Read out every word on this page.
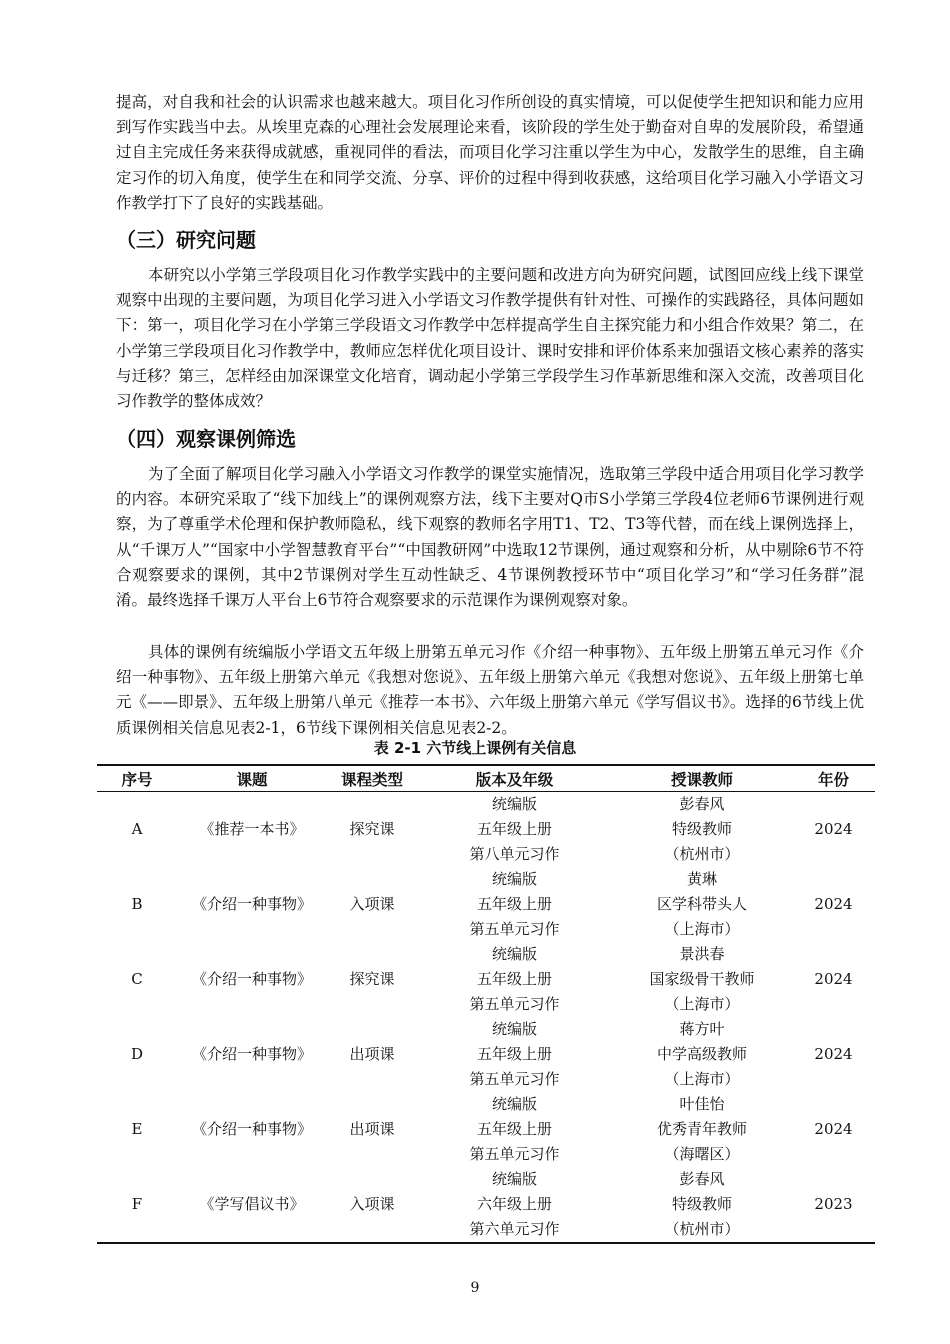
提高，对自我和社会的认识需求也越来越大。项目化习作所创设的真实情境，可以促使学生把知识和能力应用到写作实践当中去。从埃里克森的心理社会发展理论来看，该阶段的学生处于勤奋对自卑的发展阶段，希望通过自主完成任务来获得成就感，重视同伴的看法，而项目化学习注重以学生为中心，发散学生的思维，自主确定习作的切入角度，使学生在和同学交流、分享、评价的过程中得到收获感，这给项目化学习融入小学语文习作教学打下了良好的实践基础。

（三）研究问题

本研究以小学第三学段项目化习作教学实践中的主要问题和改进方向为研究问题，试图回应线上线下课堂观察中出现的主要问题，为项目化学习进入小学语文习作教学提供有针对性、可操作的实践路径，具体问题如下：第一，项目化学习在小学第三学段语文习作教学中怎样提高学生自主探究能力和小组合作效果？第二，在小学第三学段项目化习作教学中，教师应怎样优化项目设计、课时安排和评价体系来加强语文核心素养的落实与迁移？第三，怎样经由加深课堂文化培育，调动起小学第三学段学生习作革新思维和深入交流，改善项目化习作教学的整体成效？

（四）观察课例筛选

为了全面了解项目化学习融入小学语文习作教学的课堂实施情况，选取第三学段中适合用项目化学习教学的内容。本研究采取了“线下加线上”的课例观察方法，线下主要对Q市S小学第三学段4位老师6节课例进行观察，为了尊重学术伦理和保护教师隐私，线下观察的教师名字用T1、T2、T3等代替，而在线上课例选择上，从“千课万人”“国家中小学智慧教育平台”“中国教研网”中选取12节课例，通过观察和分析，从中剔除6节不符合观察要求的课例，其中2节课例对学生互动性缺乏、4节课例教授环节中“项目化学习”和“学习任务群”混淆。最终选择千课万人平台上6节符合观察要求的示范课作为课例观察对象。

具体的课例有统编版小学语文五年级上册第五单元习作《介绍一种事物》、五年级上册第五单元习作《介绍一种事物》、五年级上册第六单元《我想对您说》、五年级上册第六单元《我想对您说》、五年级上册第七单元《——即景》、五年级上册第八单元《推荐一本书》、六年级上册第六单元《学写倡议书》。选择的6节线上优质课例相关信息见表2-1，6节线下课例相关信息见表2-2。

表 2-1 六节线上课例有关信息

序号	课题	课程类型	版本及年级	授课教师	年份
A	《推荐一本书》	探究课	统编版
五年级上册
第八单元习作	彭春风
特级教师
（杭州市）	2024
B	《介绍一种事物》	入项课	统编版
五年级上册
第五单元习作	黄琳
区学科带头人
（上海市）	2024
C	《介绍一种事物》	探究课	统编版
五年级上册
第五单元习作	景洪春
国家级骨干教师
（上海市）	2024
D	《介绍一种事物》	出项课	统编版
五年级上册
第五单元习作	蒋方叶
中学高级教师
（上海市）	2024
E	《介绍一种事物》	出项课	统编版
五年级上册
第五单元习作	叶佳怡
优秀青年教师
（海曙区）	2024
F	《学写倡议书》	入项课	统编版
六年级上册
第六单元习作	彭春风
特级教师
（杭州市）	2023
9
